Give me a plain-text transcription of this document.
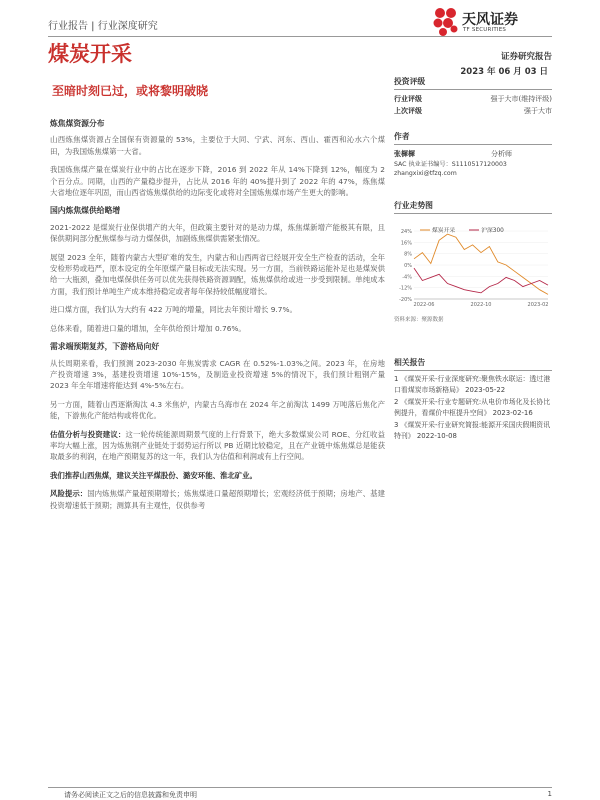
行业报告 | 行业深度研究	天风证券
TF SECURITIES
煤炭开采
至暗时刻已过，或将黎明破晓
证券研究报告
2023 年 06 月 03 日
炼焦煤资源分布

山西炼焦煤资源占全国保有资源量的 53%，主要位于大同、宁武、河东、西山、霍西和沁水六个煤田，为我国炼焦煤第一大省。

我国炼焦煤产量在煤炭行业中的占比在逐步下降，2016 到 2022 年从 14%下降到 12%，幅度为 2 个百分点。同期，山西的产量稳步提升，占比从 2016 年的 40%提升到了 2022 年的 47%，炼焦煤大省地位逐年巩固，而山西省炼焦煤供给的边际变化或将对全国炼焦煤市场产生更大的影响。

国内炼焦煤供给略增

2021-2022 是煤炭行业保供增产的大年，但政策主要针对的是动力煤，炼焦煤新增产能极其有限，且保供期间部分配焦煤参与动力煤保供，加剧炼焦煤供需紧张情况。

展望 2023 全年，随着内蒙古大型矿难的发生，内蒙古和山西两省已经展开安全生产检查的活动，全年安检形势或趋严，原本设定的全年原煤产量目标或无法实现。另一方面，当前铁路运能补足也是煤炭供给一大瓶颈，叠加电煤保供任务可以优先获得铁路资源调配，炼焦煤供给或进一步受到限制。单纯成本方面，我们预计单吨生产成本维持稳定或者每年保持较低幅度增长。

进口煤方面，我们认为大约有 422 万吨的增量，同比去年预计增长 9.7%。

总体来看，随着进口量的增加，全年供给预计增加 0.76%。

需求端预期复苏，下游格局向好

从长周期来看，我们预测 2023-2030 年焦炭需求 CAGR 在 0.52%-1.03%之间。2023 年，在房地产投资增速 3%，基建投资增速 10%-15%，及制造业投资增速 5%的情况下，我们预计粗钢产量 2023 年全年增速将能达到 4%-5%左右。

另一方面，随着山西逐渐淘汰 4.3 米焦炉，内蒙古乌海市在 2024 年之前淘汰 1499 万吨落后焦化产能，下游焦化产能结构或将优化。

估值分析与投资建议：这一轮传统能源周期景气度的上行背景下，绝大多数煤炭公司 ROE、分红收益率均大幅上涨，因为炼焦钢产业链处于弱势运行所以 PB 近期比较稳定，且在产业链中炼焦煤总是能获取最多的利润，在地产预期复苏的这一年，我们认为估值和利润或有上行空间。

我们推荐山西焦煤，建议关注平煤股份、潞安环能、淮北矿业。

风险提示：国内炼焦煤产量超预期增长；炼焦煤进口量超预期增长；宏观经济低于预期；房地产、基建投资增速低于预期；测算具有主观性，仅供参考

投资评级
行业评级	强于大市(维持评级)
上次评级	强于大市
作者
张樨樨	分析师
SAC 执业证书编号：S1110517120003
zhangxixi@tfzq.com
行业走势图
煤炭开采	沪深300
24%
16%
8%
0%
-4%
-12%
-20%
2022-06	2022-10	2023-02
资料来源：聚源数据
相关报告
1 《煤炭开采-行业深度研究:聚焦铁水联运：透过港口看煤炭市场新格局》 2023-05-22
2 《煤炭开采-行业专题研究:从电价市场化及长协比例提升，看煤价中枢提升空间》 2023-02-16
3 《煤炭开采-行业研究简报:能源开采国庆假期资讯特刊》 2022-10-08
请务必阅读正文之后的信息披露和免责申明	1
